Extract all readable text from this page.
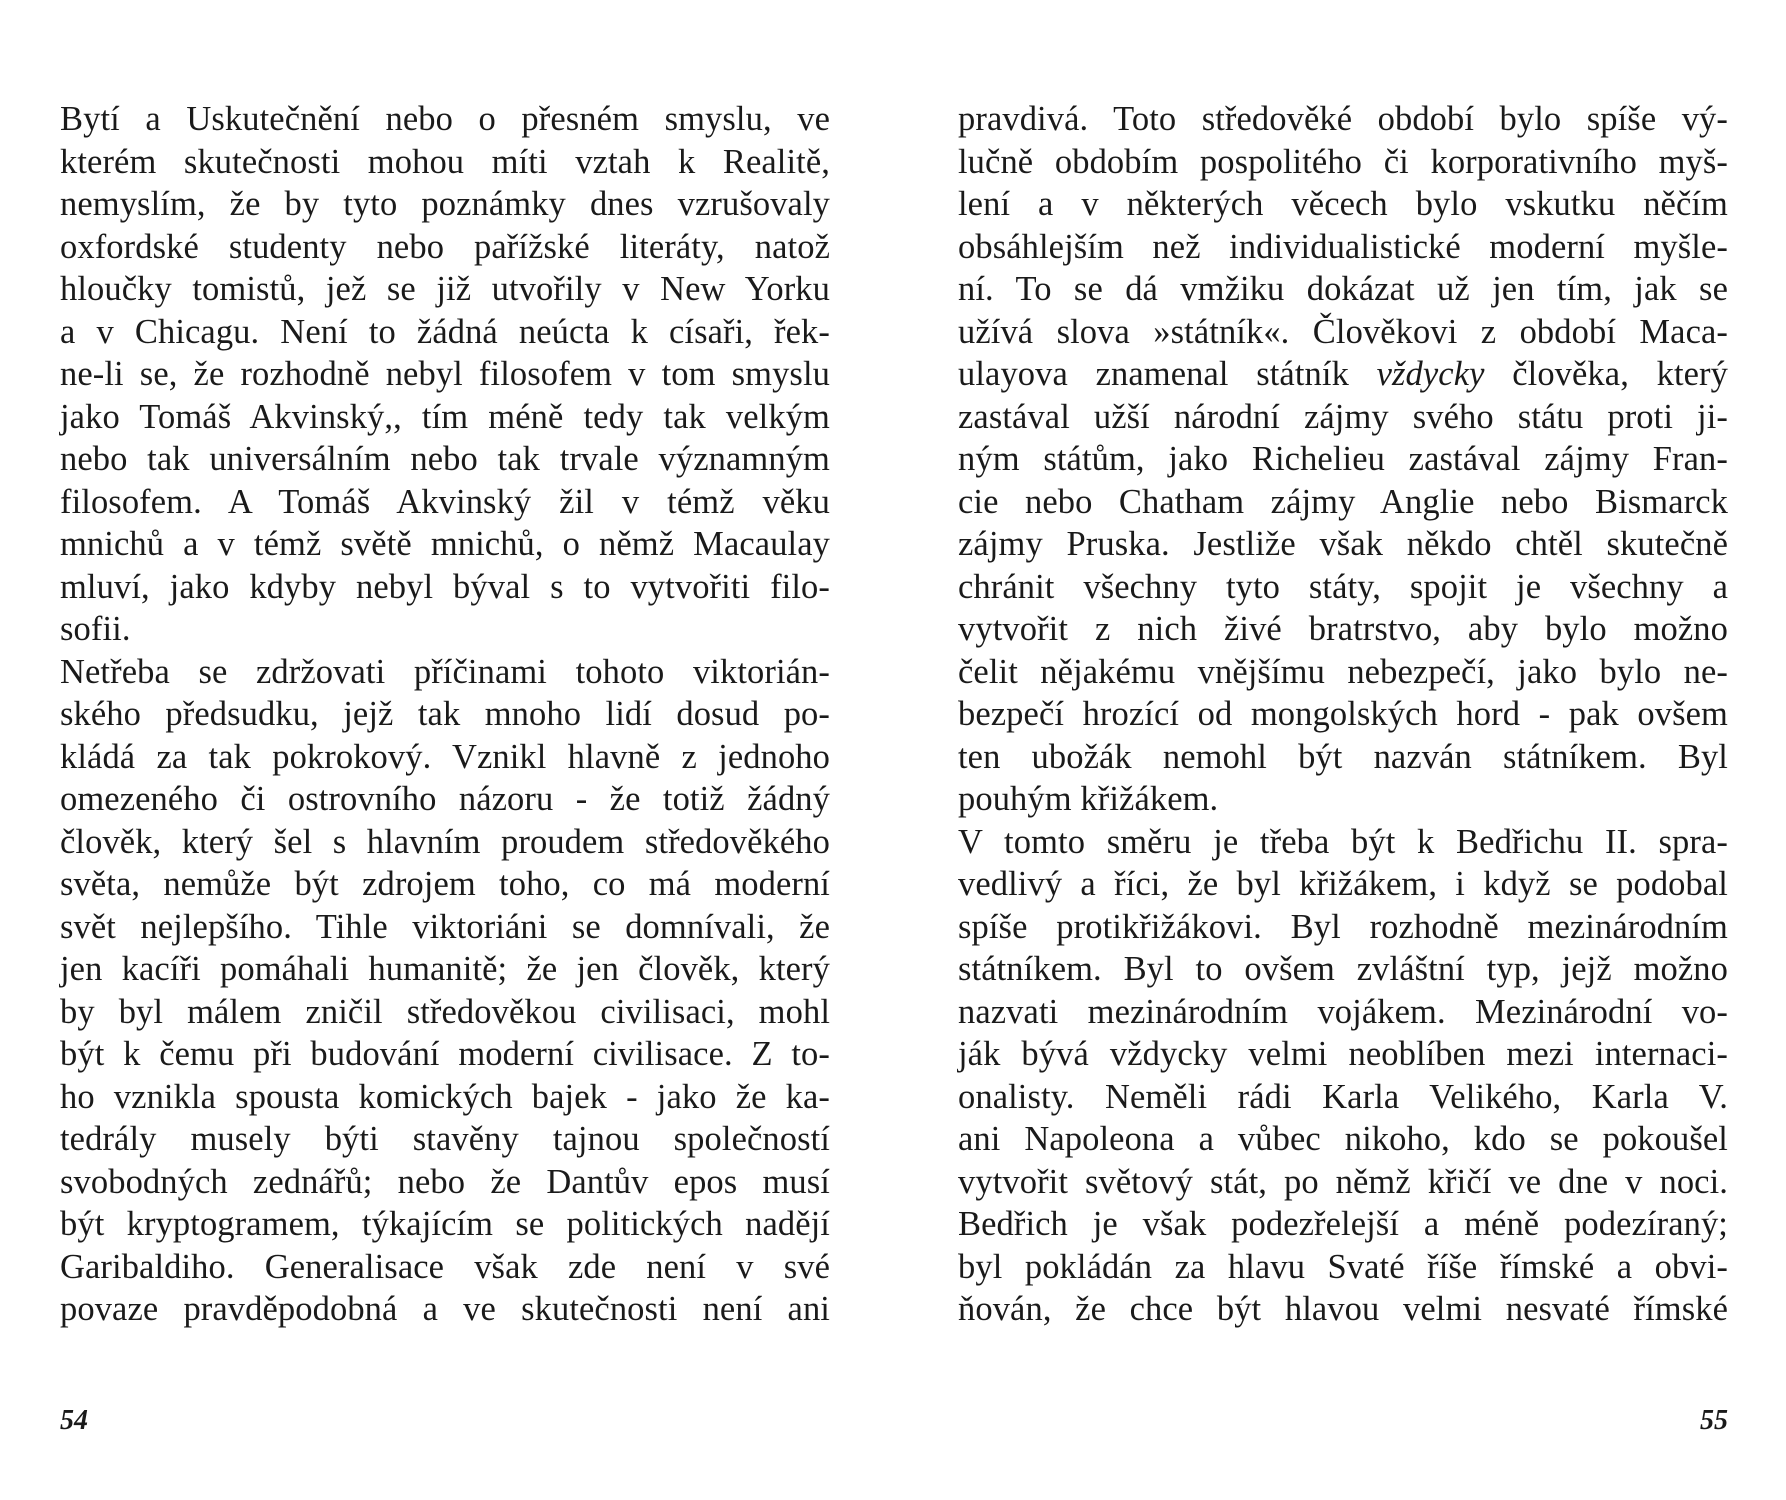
Bytí a Uskutečnění nebo o přesném smyslu, ve
kterém skutečnosti mohou míti vztah k Realitě,
nemyslím, že by tyto poznámky dnes vzrušovaly
oxfordské studenty nebo pařížské literáty, natož
hloučky tomistů, jež se již utvořily v New Yorku
a v Chicagu. Není to žádná neúcta k císaři, řek-
ne-li se, že rozhodně nebyl filosofem v tom smyslu
jako Tomáš Akvinský,, tím méně tedy tak velkým
nebo tak universálním nebo tak trvale významným
filosofem. A Tomáš Akvinský žil v témž věku
mnichů a v témž světě mnichů, o němž Macaulay
mluví, jako kdyby nebyl býval s to vytvořiti filo-
sofii.
Netřeba se zdržovati příčinami tohoto viktorián-
ského předsudku, jejž tak mnoho lidí dosud po-
kládá za tak pokrokový. Vznikl hlavně z jednoho
omezeného či ostrovního názoru - že totiž žádný
člověk, který šel s hlavním proudem středověkého
světa, nemůže být zdrojem toho, co má moderní
svět nejlepšího. Tihle viktoriáni se domnívali, že
jen kacíři pomáhali humanitě; že jen člověk, který
by byl málem zničil středověkou civilisaci, mohl
být k čemu při budování moderní civilisace. Z to-
ho vznikla spousta komických bajek - jako že ka-
tedrály musely býti stavěny tajnou společností
svobodných zednářů; nebo že Dantův epos musí
být kryptogramem, týkajícím se politických nadějí
Garibaldiho. Generalisace však zde není v své
povaze pravděpodobná a ve skutečnosti není ani
pravdivá. Toto středověké období bylo spíše vý-
lučně obdobím pospolitého či korporativního myš-
lení a v některých věcech bylo vskutku něčím
obsáhlejším než individualistické moderní myšle-
ní. To se dá vmžiku dokázat už jen tím, jak se
užívá slova »státník«. Člověkovi z období Maca-
ulayova znamenal státník vždycky člověka, který
zastával užší národní zájmy svého státu proti ji-
ným státům, jako Richelieu zastával zájmy Fran-
cie nebo Chatham zájmy Anglie nebo Bismarck
zájmy Pruska. Jestliže však někdo chtěl skutečně
chránit všechny tyto státy, spojit je všechny a
vytvořit z nich živé bratrstvo, aby bylo možno
čelit nějakému vnějšímu nebezpečí, jako bylo ne-
bezpečí hrozící od mongolských hord - pak ovšem
ten ubožák nemohl být nazván státníkem. Byl
pouhým křižákem.
V tomto směru je třeba být k Bedřichu II. spra-
vedlivý a říci, že byl křižákem, i když se podobal
spíše protikřižákovi. Byl rozhodně mezinárodním
státníkem. Byl to ovšem zvláštní typ, jejž možno
nazvati mezinárodním vojákem. Mezinárodní vo-
ják bývá vždycky velmi neoblíben mezi internaci-
onalisty. Neměli rádi Karla Velikého, Karla V.
ani Napoleona a vůbec nikoho, kdo se pokoušel
vytvořit světový stát, po němž křičí ve dne v noci.
Bedřich je však podezřelejší a méně podezíraný;
byl pokládán za hlavu Svaté říše římské a obvi-
ňován, že chce být hlavou velmi nesvaté římské
54	55
